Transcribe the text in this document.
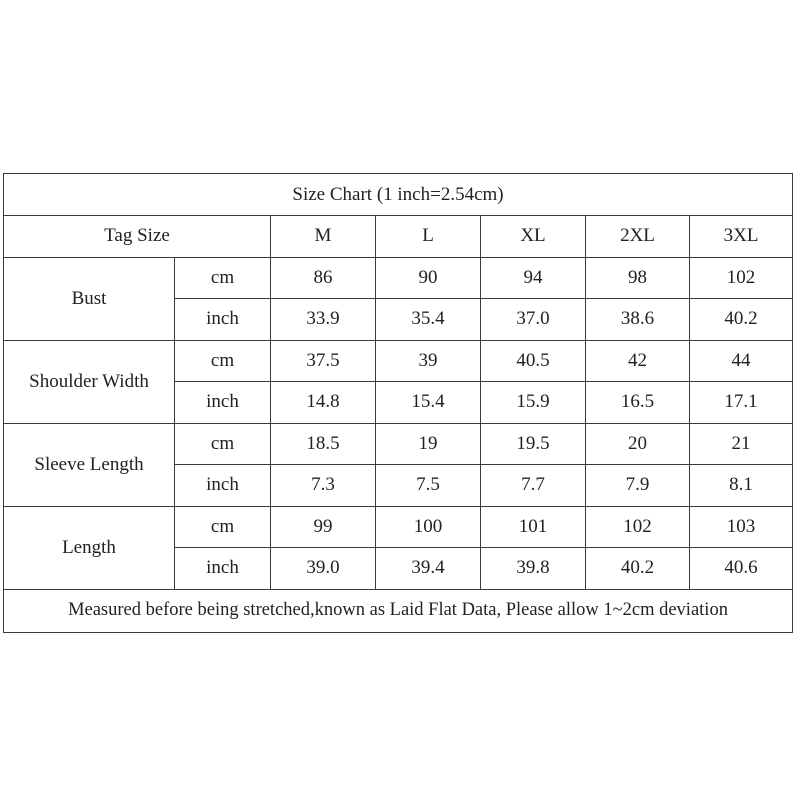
Size Chart (1 inch=2.54cm)						
Tag Size		M	L	XL	2XL	3XL
Bust	cm	86	90	94	98	102
	inch	33.9	35.4	37.0	38.6	40.2
Shoulder Width	cm	37.5	39	40.5	42	44
	inch	14.8	15.4	15.9	16.5	17.1
Sleeve Length	cm	18.5	19	19.5	20	21
	inch	7.3	7.5	7.7	7.9	8.1
Length	cm	99	100	101	102	103
	inch	39.0	39.4	39.8	40.2	40.6
Measured before being stretched,known as Laid Flat Data, Please allow 1~2cm deviation						
